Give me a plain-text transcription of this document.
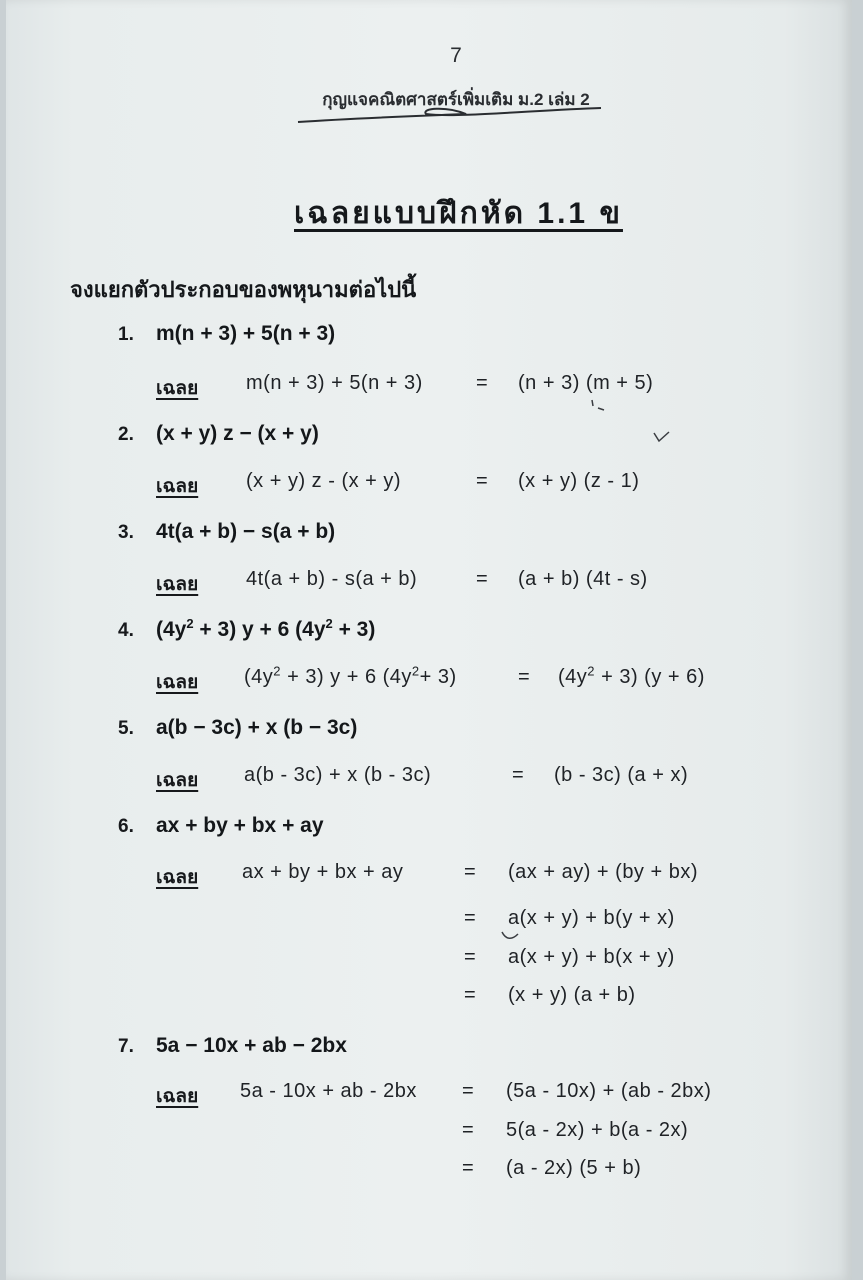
7
กุญแจคณิตศาสตร์เพิ่มเติม ม.2 เล่ม 2
เฉลยแบบฝึกหัด 1.1 ข
จงแยกตัวประกอบของพหุนามต่อไปนี้
1. m(n + 3) + 5(n + 3)
เฉลย m(n + 3) + 5(n + 3)	= (n + 3) (m + 5)
2. (x + y) z − (x + y)
เฉลย (x + y) z - (x + y)	= (x + y) (z - 1)
3. 4t(a + b) − s(a + b)
เฉลย 4t(a + b) - s(a + b)	= (a + b) (4t - s)
4. $(4y^2 + 3) y + 6$ $(4y^2 + 3)$
เฉลย $(4y^2 + 3) y + 6$ $(4y^2+ 3)$	= $(4y^2 + 3) (y + 6)$
5. a(b − 3c) + x (b − 3c)
เฉลย a(b - 3c) + x (b - 3c)	= (b - 3c) (a + x)
6. ax + by + bx + ay
เฉลย ax + by + bx + ay	= (ax + ay) + (by + bx)
= a(x + y) + b(y + x)
= a(x + y) + b(x + y)
= (x + y) (a + b)
7. 5a − 10x + ab − 2bx
เฉลย 5a - 10x + ab - 2bx = (5a - 10x) + (ab - 2bx)
= 5(a - 2x) + b(a - 2x)
= (a - 2x) (5 + b)
